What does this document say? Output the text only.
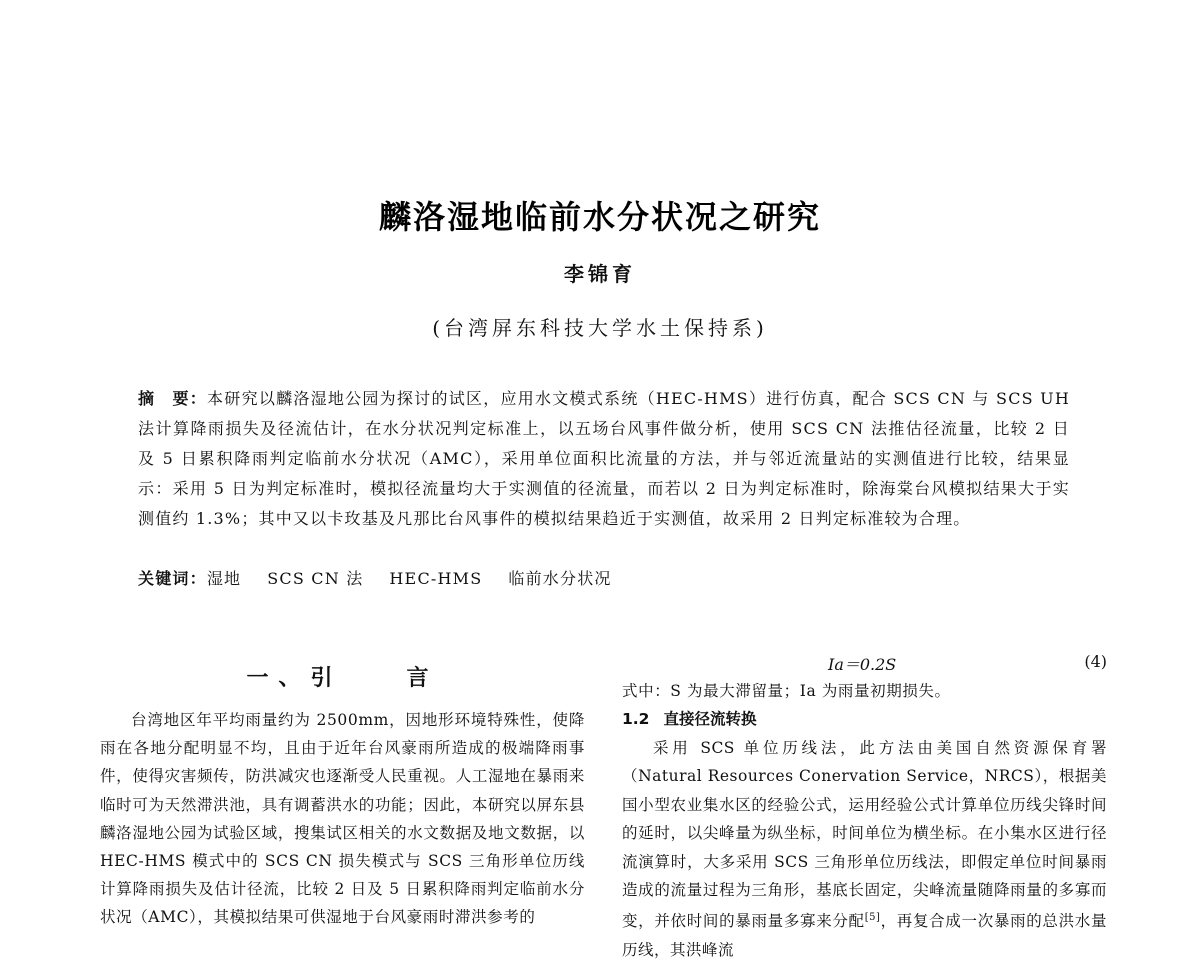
麟洛湿地临前水分状况之研究
李锦育
(台湾屏东科技大学水土保持系)
摘　要：本研究以麟洛湿地公园为探讨的试区，应用水文模式系统（HEC-HMS）进行仿真，配合 SCS CN 与 SCS UH 法计算降雨损失及径流估计，在水分状况判定标准上，以五场台风事件做分析，使用 SCS CN 法推估径流量，比较 2 日及 5 日累积降雨判定临前水分状况（AMC），采用单位面积比流量的方法，并与邻近流量站的实测值进行比较，结果显示：采用 5 日为判定标准时，模拟径流量均大于实测值的径流量，而若以 2 日为判定标准时，除海棠台风模拟结果大于实测值约 1.3%；其中又以卡玫基及凡那比台风事件的模拟结果趋近于实测值，故采用 2 日判定标准较为合理。
关键词：湿地 SCS CN 法 HEC-HMS 临前水分状况
一、引　　言

台湾地区年平均雨量约为 2500mm，因地形环境特殊性，使降雨在各地分配明显不均，且由于近年台风豪雨所造成的极端降雨事件，使得灾害频传，防洪减灾也逐渐受人民重视。人工湿地在暴雨来临时可为天然滞洪池，具有调蓄洪水的功能；因此，本研究以屏东县麟洛湿地公园为试验区域，搜集试区相关的水文数据及地文数据，以 HEC-HMS 模式中的 SCS CN 损失模式与 SCS 三角形单位历线计算降雨损失及估计径流，比较 2 日及 5 日累积降雨判定临前水分状况（AMC），其模拟结果可供湿地于台风豪雨时滞洪参考的

Ia＝0.2S	(4)
式中：S 为最大滞留量；Ia 为雨量初期损失。
1.2 直接径流转换

采用 SCS 单位历线法，此方法由美国自然资源保育署（Natural Resources Conervation Service，NRCS），根据美国小型农业集水区的经验公式，运用经验公式计算单位历线尖锋时间的延时，以尖峰量为纵坐标，时间单位为横坐标。在小集水区进行径流演算时，大多采用 SCS 三角形单位历线法，即假定单位时间暴雨造成的流量过程为三角形，基底长固定，尖峰流量随降雨量的多寡而变，并依时间的暴雨量多寡来分配[5]，再复合成一次暴雨的总洪水量历线，其洪峰流
